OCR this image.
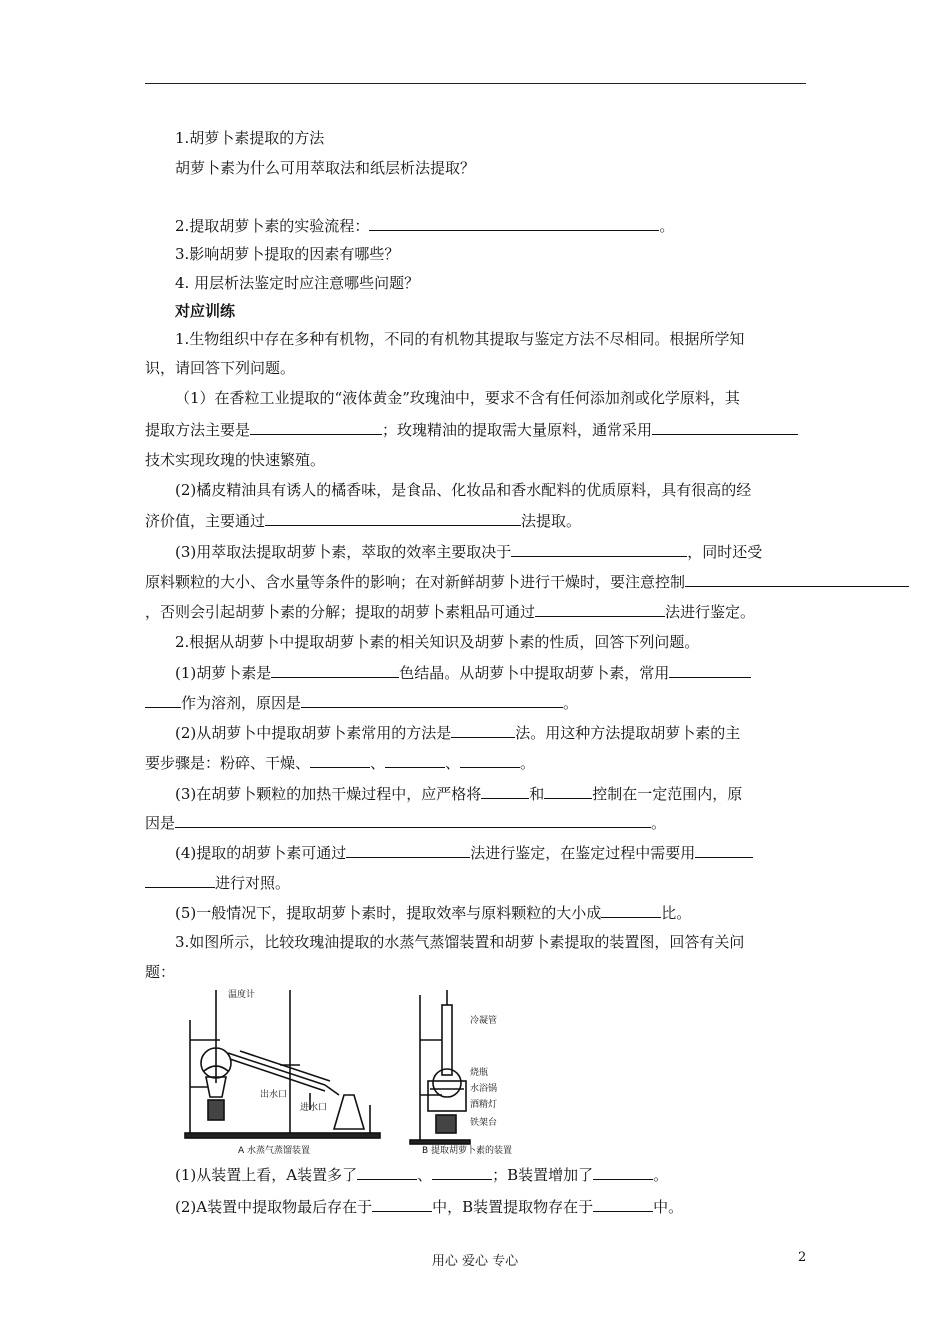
1.胡萝卜素提取的方法
胡萝卜素为什么可用萃取法和纸层析法提取？
2.提取胡萝卜素的实验流程：	。
3.影响胡萝卜提取的因素有哪些？
4. 用层析法鉴定时应注意哪些问题？
对应训练
1.生物组织中存在多种有机物，不同的有机物其提取与鉴定方法不尽相同。根据所学知
识，请回答下列问题。
（1）在香粒工业提取的“液体黄金”玫瑰油中，要求不含有任何添加剂或化学原料，其
提取方法主要是	；玫瑰精油的提取需大量原料，通常采用
技术实现玫瑰的快速繁殖。
(2)橘皮精油具有诱人的橘香味，是食品、化妆品和香水配料的优质原料，具有很高的经
济价值，主要通过	法提取。
(3)用萃取法提取胡萝卜素，萃取的效率主要取决于	，同时还受
原料颗粒的大小、含水量等条件的影响；在对新鲜胡萝卜进行干燥时，要注意控制
，否则会引起胡萝卜素的分解；提取的胡萝卜素粗品可通过	法进行鉴定。
2.根据从胡萝卜中提取胡萝卜素的相关知识及胡萝卜素的性质，回答下列问题。
(1)胡萝卜素是	色结晶。从胡萝卜中提取胡萝卜素，常用
作为溶剂，原因是	。
(2)从胡萝卜中提取胡萝卜素常用的方法是	法。用这种方法提取胡萝卜素的主
要步骤是：粉碎、干燥、	、	、	。
(3)在胡萝卜颗粒的加热干燥过程中，应严格将	和	控制在一定范围内，原
因是	。
(4)提取的胡萝卜素可通过	法进行鉴定，在鉴定过程中需要用
进行对照。
(5)一般情况下，提取胡萝卜素时，提取效率与原料颗粒的大小成	比。
3.如图所示，比较玫瑰油提取的水蒸气蒸馏装置和胡萝卜素提取的装置图，回答有关问
题：
(1)从装置上看，A装置多了	、	；B装置增加了	。
(2)A装置中提取物最后存在于	中，B装置提取物存在于	中。
温度计
出水口
进水口
冷凝管
烧瓶
水浴锅
酒精灯
铁架台
A 水蒸气蒸馏装置	B 提取胡萝卜素的装置
用心 爱心 专心	2
